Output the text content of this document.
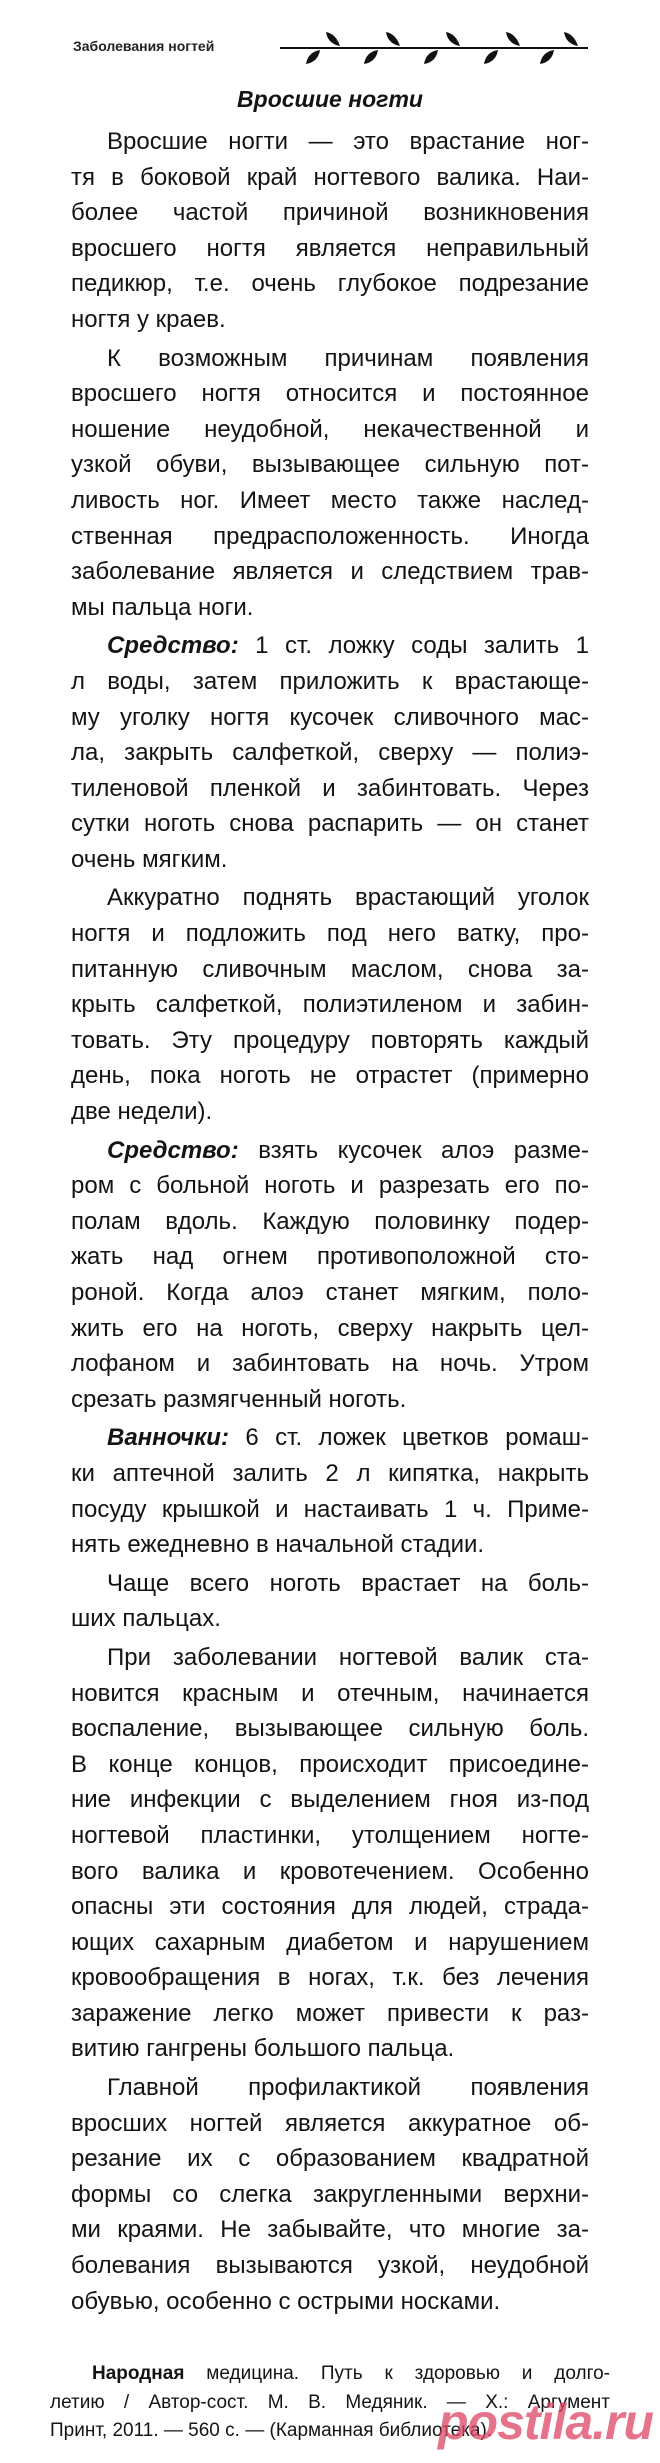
Заболевания ногтей
Вросшие ногти
Вросшие ногти — это врастание ног-
тя в боковой край ногтевого валика. Наи-
более частой причиной возникновения
вросшего ногтя является неправильный
педикюр, т.е. очень глубокое подрезание
ногтя у краев.
К возможным причинам появления
вросшего ногтя относится и постоянное
ношение неудобной, некачественной и
узкой обуви, вызывающее сильную пот-
ливость ног. Имеет место также наслед-
ственная предрасположенность. Иногда
заболевание является и следствием трав-
мы пальца ноги.
Средство: 1 ст. ложку соды залить 1
л воды, затем приложить к врастающе-
му уголку ногтя кусочек сливочного мас-
ла, закрыть салфеткой, сверху — полиэ-
тиленовой пленкой и забинтовать. Через
сутки ноготь снова распарить — он станет
очень мягким.
Аккуратно поднять врастающий уголок
ногтя и подложить под него ватку, про-
питанную сливочным маслом, снова за-
крыть салфеткой, полиэтиленом и забин-
товать. Эту процедуру повторять каждый
день, пока ноготь не отрастет (примерно
две недели).
Средство: взять кусочек алоэ разме-
ром с больной ноготь и разрезать его по-
полам вдоль. Каждую половинку подер-
жать над огнем противоположной сто-
роной. Когда алоэ станет мягким, поло-
жить его на ноготь, сверху накрыть цел-
лофаном и забинтовать на ночь. Утром
срезать размягченный ноготь.
Ванночки: 6 ст. ложек цветков ромаш-
ки аптечной залить 2 л кипятка, накрыть
посуду крышкой и настаивать 1 ч. Приме-
нять ежедневно в начальной стадии.
Чаще всего ноготь врастает на боль-
ших пальцах.
При заболевании ногтевой валик ста-
новится красным и отечным, начинается
воспаление, вызывающее сильную боль.
В конце концов, происходит присоедине-
ние инфекции с выделением гноя из-под
ногтевой пластинки, утолщением ногте-
вого валика и кровотечением. Особенно
опасны эти состояния для людей, страда-
ющих сахарным диабетом и нарушением
кровообращения в ногах, т.к. без лечения
заражение легко может привести к раз-
витию гангрены большого пальца.
Главной профилактикой появления
вросших ногтей является аккуратное об-
резание их с образованием квадратной
формы со слегка закругленными верхни-
ми краями. Не забывайте, что многие за-
болевания вызываются узкой, неудобной
обувью, особенно с острыми носками.
Народная медицина. Путь к здоровью и долго-
летию / Автор-сост. М. В. Медяник. — Х.: Аргумент
Принт, 2011. — 560 с. — (Карманная библиотека).
postila.ru
